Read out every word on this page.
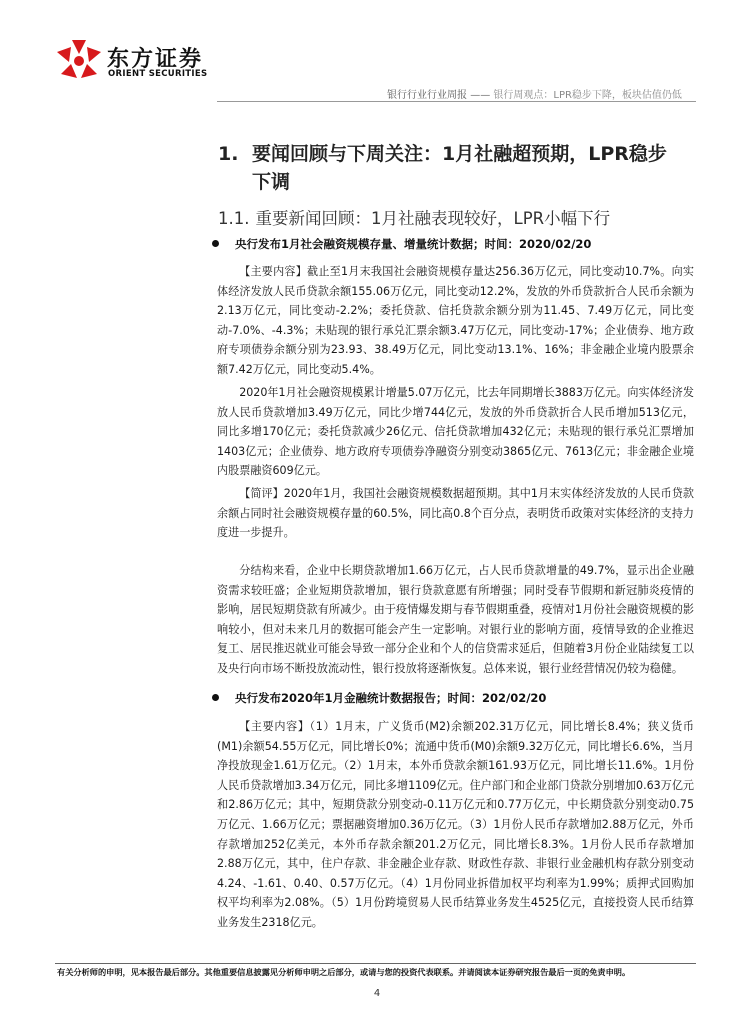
东方证券
ORIENT SECURITIES
银行行业行业周报 —— 银行周观点：LPR稳步下降，板块估值仍低
1. 要闻回顾与下周关注：1月社融超预期，LPR稳步
下调
1.1. 重要新闻回顾：1月社融表现较好，LPR小幅下行
央行发布1月社会融资规模存量、增量统计数据；时间：2020/02/20
【主要内容】截止至1月末我国社会融资规模存量达256.36万亿元，同比变动10.7%。向实体经济发放人民币贷款余额155.06万亿元，同比变动12.2%，发放的外币贷款折合人民币余额为2.13万亿元，同比变动-2.2%；委托贷款、信托贷款余额分别为11.45、7.49万亿元，同比变动-7.0%、-4.3%；未贴现的银行承兑汇票余额3.47万亿元，同比变动-17%；企业债券、地方政府专项债券余额分别为23.93、38.49万亿元，同比变动13.1%、16%；非金融企业境内股票余额7.42万亿元，同比变动5.4%。
2020年1月社会融资规模累计增量5.07万亿元，比去年同期增长3883万亿元。向实体经济发放人民币贷款增加3.49万亿元，同比少增744亿元，发放的外币贷款折合人民币增加513亿元，同比多增170亿元；委托贷款减少26亿元、信托贷款增加432亿元；未贴现的银行承兑汇票增加1403亿元；企业债券、地方政府专项债券净融资分别变动3865亿元、7613亿元；非金融企业境内股票融资609亿元。
【简评】2020年1月，我国社会融资规模数据超预期。其中1月末实体经济发放的人民币贷款余额占同时社会融资规模存量的60.5%，同比高0.8个百分点，表明货币政策对实体经济的支持力度进一步提升。
分结构来看，企业中长期贷款增加1.66万亿元，占人民币贷款增量的49.7%，显示出企业融资需求较旺盛；企业短期贷款增加，银行贷款意愿有所增强；同时受春节假期和新冠肺炎疫情的影响，居民短期贷款有所减少。由于疫情爆发期与春节假期重叠，疫情对1月份社会融资规模的影响较小，但对未来几月的数据可能会产生一定影响。对银行业的影响方面，疫情导致的企业推迟复工、居民推迟就业可能会导致一部分企业和个人的信贷需求延后，但随着3月份企业陆续复工以及央行向市场不断投放流动性，银行投放将逐渐恢复。总体来说，银行业经营情况仍较为稳健。
央行发布2020年1月金融统计数据报告；时间：202/02/20
【主要内容】（1）1月末，广义货币(M2)余额202.31万亿元，同比增长8.4%；狭义货币(M1)余额54.55万亿元，同比增长0%；流通中货币(M0)余额9.32万亿元，同比增长6.6%，当月净投放现金1.61万亿元。（2）1月末，本外币贷款余额161.93万亿元，同比增长11.6%。1月份人民币贷款增加3.34万亿元，同比多增1109亿元。住户部门和企业部门贷款分别增加0.63万亿元和2.86万亿元；其中，短期贷款分别变动-0.11万亿元和0.77万亿元，中长期贷款分别变动0.75万亿元、1.66万亿元；票据融资增加0.36万亿元。（3）1月份人民币存款增加2.88万亿元，外币存款增加252亿美元，本外币存款余额201.2万亿元，同比增长8.3%。1月份人民币存款增加2.88万亿元，其中，住户存款、非金融企业存款、财政性存款、非银行业金融机构存款分别变动4.24、-1.61、0.40、0.57万亿元。（4）1月份同业拆借加权平均利率为1.99%；质押式回购加权平均利率为2.08%。（5）1月份跨境贸易人民币结算业务发生4525亿元，直接投资人民币结算业务发生2318亿元。
有关分析师的申明，见本报告最后部分。其他重要信息披露见分析师申明之后部分，或请与您的投资代表联系。并请阅读本证券研究报告最后一页的免责申明。
4
